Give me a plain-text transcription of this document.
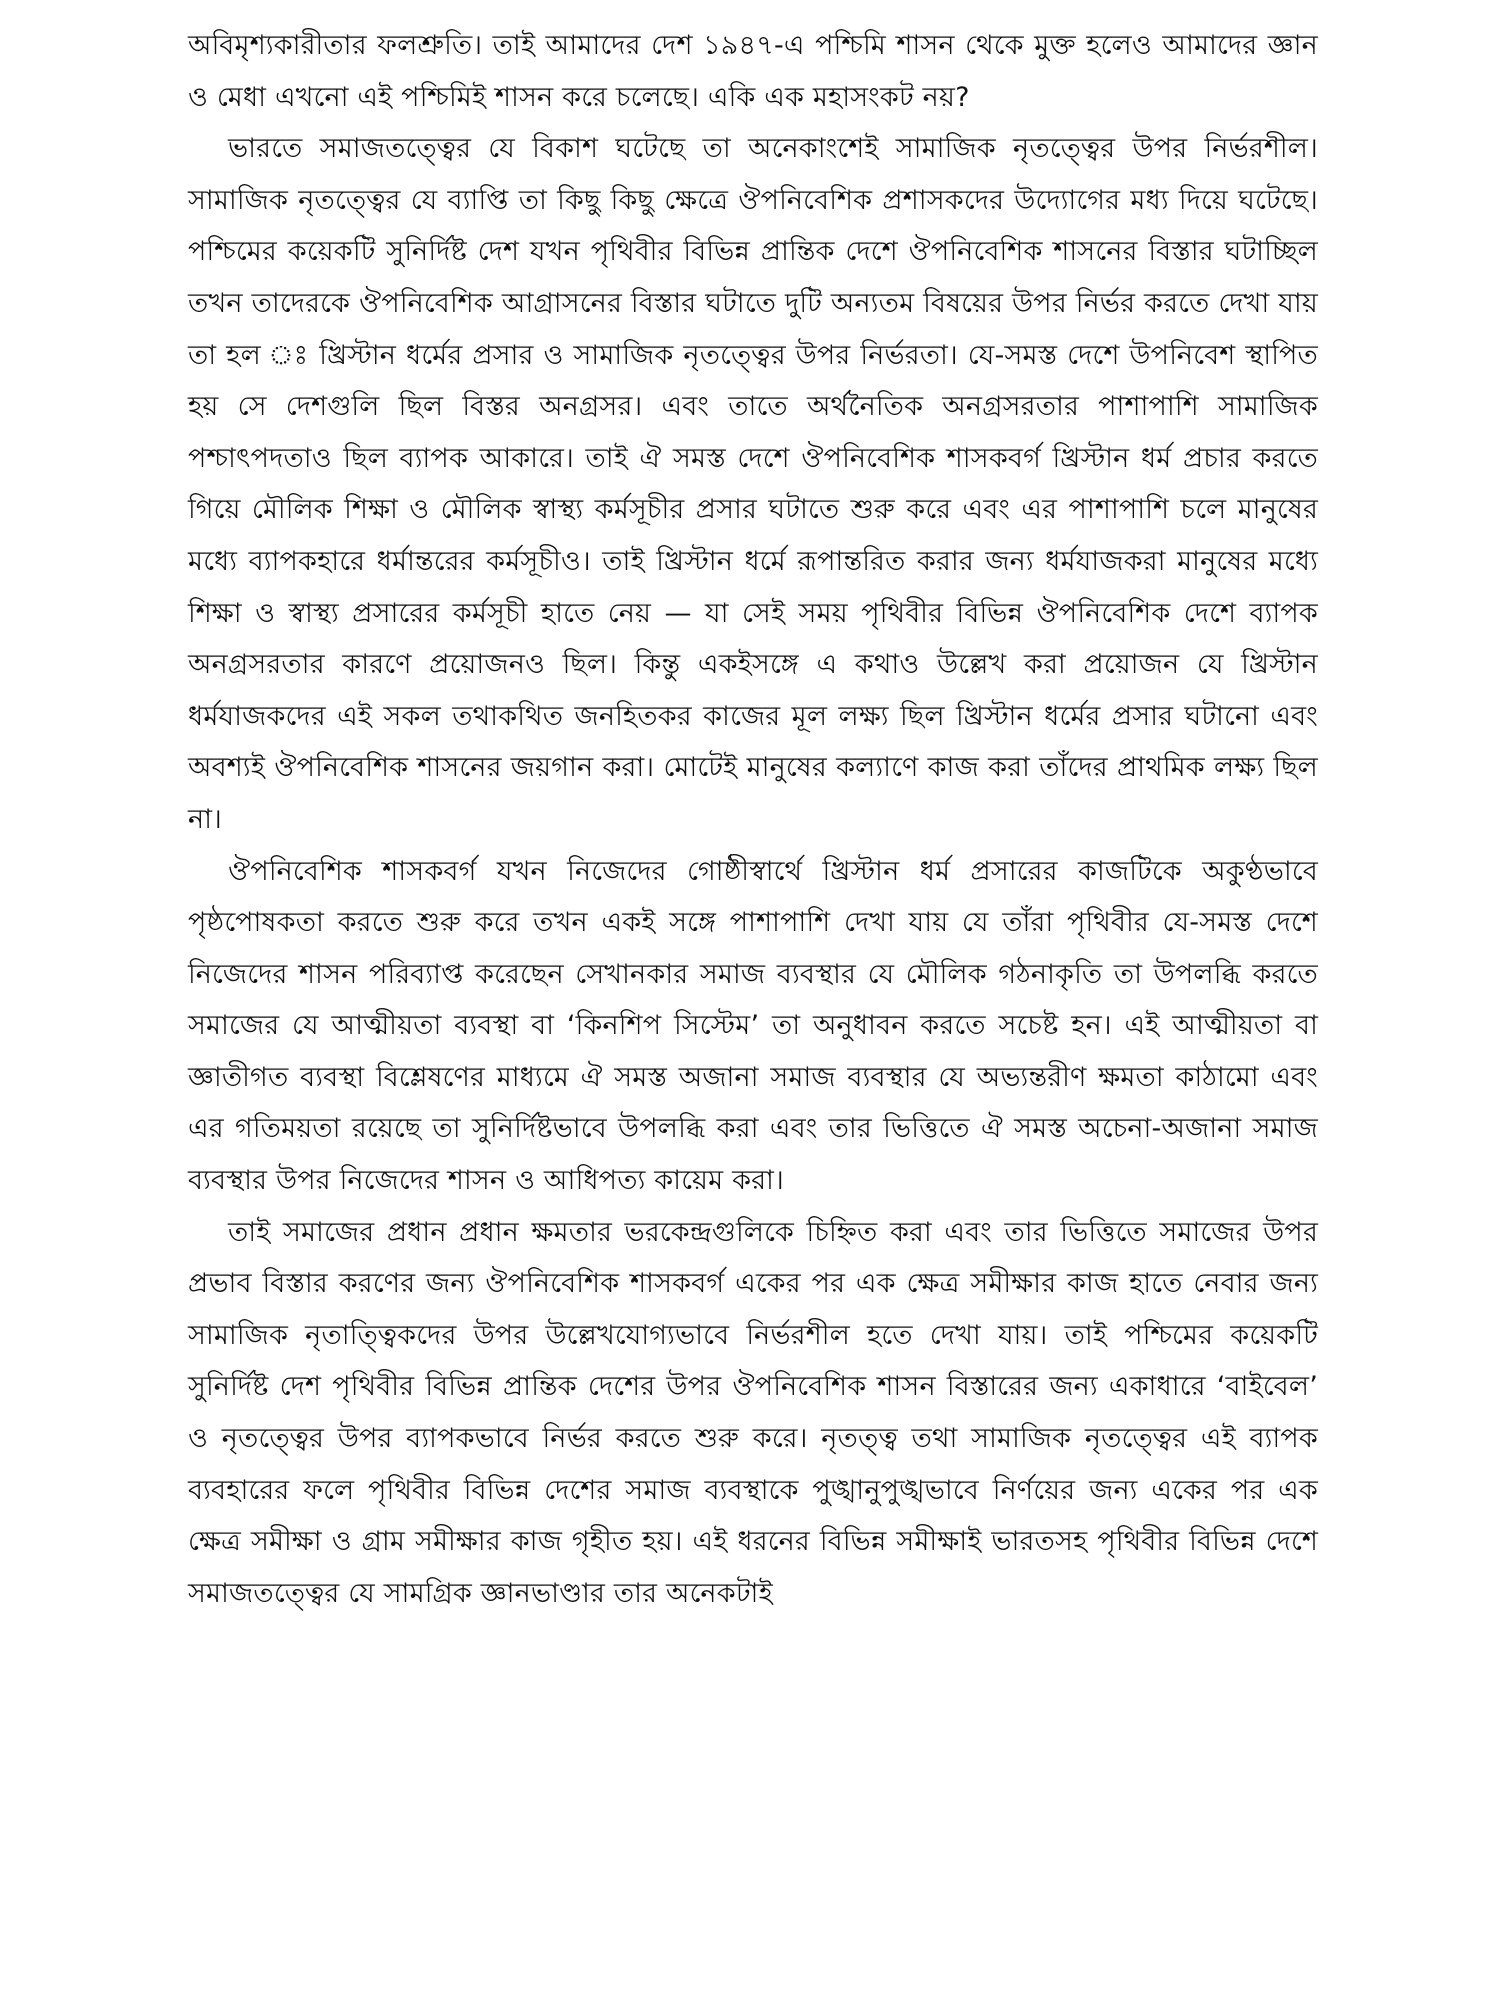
অবিমৃশ্যকারীতার ফলশ্রুতি। তাই আমাদের দেশ ১৯৪৭-এ পশ্চিমি শাসন থেকে মুক্ত হলেও আমাদের জ্ঞান ও মেধা এখনো এই পশ্চিমিই শাসন করে চলেছে। একি এক মহাসংকট নয়?

ভারতে সমাজতত্ত্বের যে বিকাশ ঘটেছে তা অনেকাংশেই সামাজিক নৃতত্ত্বের উপর নির্ভরশীল। সামাজিক নৃতত্ত্বের যে ব্যাপ্তি তা কিছু কিছু ক্ষেত্রে ঔপনিবেশিক প্রশাসকদের উদ্যোগের মধ্য দিয়ে ঘটেছে। পশ্চিমের কয়েকটি সুনির্দিষ্ট দেশ যখন পৃথিবীর বিভিন্ন প্রান্তিক দেশে ঔপনিবেশিক শাসনের বিস্তার ঘটাচ্ছিল তখন তাদেরকে ঔপনিবেশিক আগ্রাসনের বিস্তার ঘটাতে দুটি অন্যতম বিষয়ের উপর নির্ভর করতে দেখা যায় তা হল ঃ খ্রিস্টান ধর্মের প্রসার ও সামাজিক নৃতত্ত্বের উপর নির্ভরতা। যে-সমস্ত দেশে উপনিবেশ স্থাপিত হয় সে দেশগুলি ছিল বিস্তর অনগ্রসর। এবং তাতে অর্থনৈতিক অনগ্রসরতার পাশাপাশি সামাজিক পশ্চাৎপদতাও ছিল ব্যাপক আকারে। তাই ঐ সমস্ত দেশে ঔপনিবেশিক শাসকবর্গ খ্রিস্টান ধর্ম প্রচার করতে গিয়ে মৌলিক শিক্ষা ও মৌলিক স্বাস্থ্য কর্মসূচীর প্রসার ঘটাতে শুরু করে এবং এর পাশাপাশি চলে মানুষের মধ্যে ব্যাপকহারে ধর্মান্তরের কর্মসূচীও। তাই খ্রিস্টান ধর্মে রূপান্তরিত করার জন্য ধর্মযাজকরা মানুষের মধ্যে শিক্ষা ও স্বাস্থ্য প্রসারের কর্মসূচী হাতে নেয় — যা সেই সময় পৃথিবীর বিভিন্ন ঔপনিবেশিক দেশে ব্যাপক অনগ্রসরতার কারণে প্রয়োজনও ছিল। কিন্তু একইসঙ্গে এ কথাও উল্লেখ করা প্রয়োজন যে খ্রিস্টান ধর্মযাজকদের এই সকল তথাকথিত জনহিতকর কাজের মূল লক্ষ্য ছিল খ্রিস্টান ধর্মের প্রসার ঘটানো এবং অবশ্যই ঔপনিবেশিক শাসনের জয়গান করা। মোটেই মানুষের কল্যাণে কাজ করা তাঁদের প্রাথমিক লক্ষ্য ছিল না।

ঔপনিবেশিক শাসকবর্গ যখন নিজেদের গোষ্ঠীস্বার্থে খ্রিস্টান ধর্ম প্রসারের কাজটিকে অকুণ্ঠভাবে পৃষ্ঠপোষকতা করতে শুরু করে তখন একই সঙ্গে পাশাপাশি দেখা যায় যে তাঁরা পৃথিবীর যে-সমস্ত দেশে নিজেদের শাসন পরিব্যাপ্ত করেছেন সেখানকার সমাজ ব্যবস্থার যে মৌলিক গঠনাকৃতি তা উপলব্ধি করতে সমাজের যে আত্মীয়তা ব্যবস্থা বা ‘কিনশিপ সিস্টেম’ তা অনুধাবন করতে সচেষ্ট হন। এই আত্মীয়তা বা জ্ঞাতীগত ব্যবস্থা বিশ্লেষণের মাধ্যমে ঐ সমস্ত অজানা সমাজ ব্যবস্থার যে অভ্যন্তরীণ ক্ষমতা কাঠামো এবং এর গতিময়তা রয়েছে তা সুনির্দিষ্টভাবে উপলব্ধি করা এবং তার ভিত্তিতে ঐ সমস্ত অচেনা-অজানা সমাজ ব্যবস্থার উপর নিজেদের শাসন ও আধিপত্য কায়েম করা।

তাই সমাজের প্রধান প্রধান ক্ষমতার ভরকেন্দ্রগুলিকে চিহ্নিত করা এবং তার ভিত্তিতে সমাজের উপর প্রভাব বিস্তার করণের জন্য ঔপনিবেশিক শাসকবর্গ একের পর এক ক্ষেত্র সমীক্ষার কাজ হাতে নেবার জন্য সামাজিক নৃতাত্ত্বিকদের উপর উল্লেখযোগ্যভাবে নির্ভরশীল হতে দেখা যায়। তাই পশ্চিমের কয়েকটি সুনির্দিষ্ট দেশ পৃথিবীর বিভিন্ন প্রান্তিক দেশের উপর ঔপনিবেশিক শাসন বিস্তারের জন্য একাধারে ‘বাইবেল’ ও নৃতত্ত্বের উপর ব্যাপকভাবে নির্ভর করতে শুরু করে। নৃতত্ত্ব তথা সামাজিক নৃতত্ত্বের এই ব্যাপক ব্যবহারের ফলে পৃথিবীর বিভিন্ন দেশের সমাজ ব্যবস্থাকে পুঙ্খানুপুঙ্খভাবে নির্ণয়ের জন্য একের পর এক ক্ষেত্র সমীক্ষা ও গ্রাম সমীক্ষার কাজ গৃহীত হয়। এই ধরনের বিভিন্ন সমীক্ষাই ভারতসহ পৃথিবীর বিভিন্ন দেশে সমাজতত্ত্বের যে সামগ্রিক জ্ঞানভাণ্ডার তার অনেকটাই
